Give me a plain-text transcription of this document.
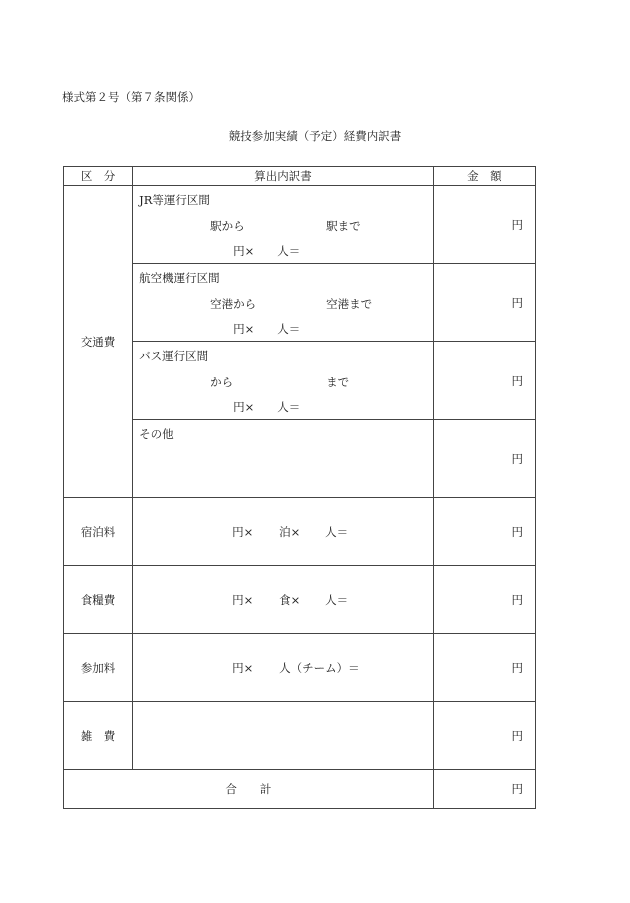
様式第２号（第７条関係）
競技参加実績（予定）経費内訳書
区　分	算出内訳書	金　額
交通費	JR等運行区間
駅から 駅まで
円×　　人＝	円

	航空機運行区間
空港から 空港まで
円×　　人＝	円

	バス運行区間
から まで
円×　　人＝	円

	その他	円
宿泊料	円× 泊× 人＝	円
食糧費	円× 食× 人＝	円
参加料	円× 人（チーム）＝	円
雑　費		円
合　　計		円
